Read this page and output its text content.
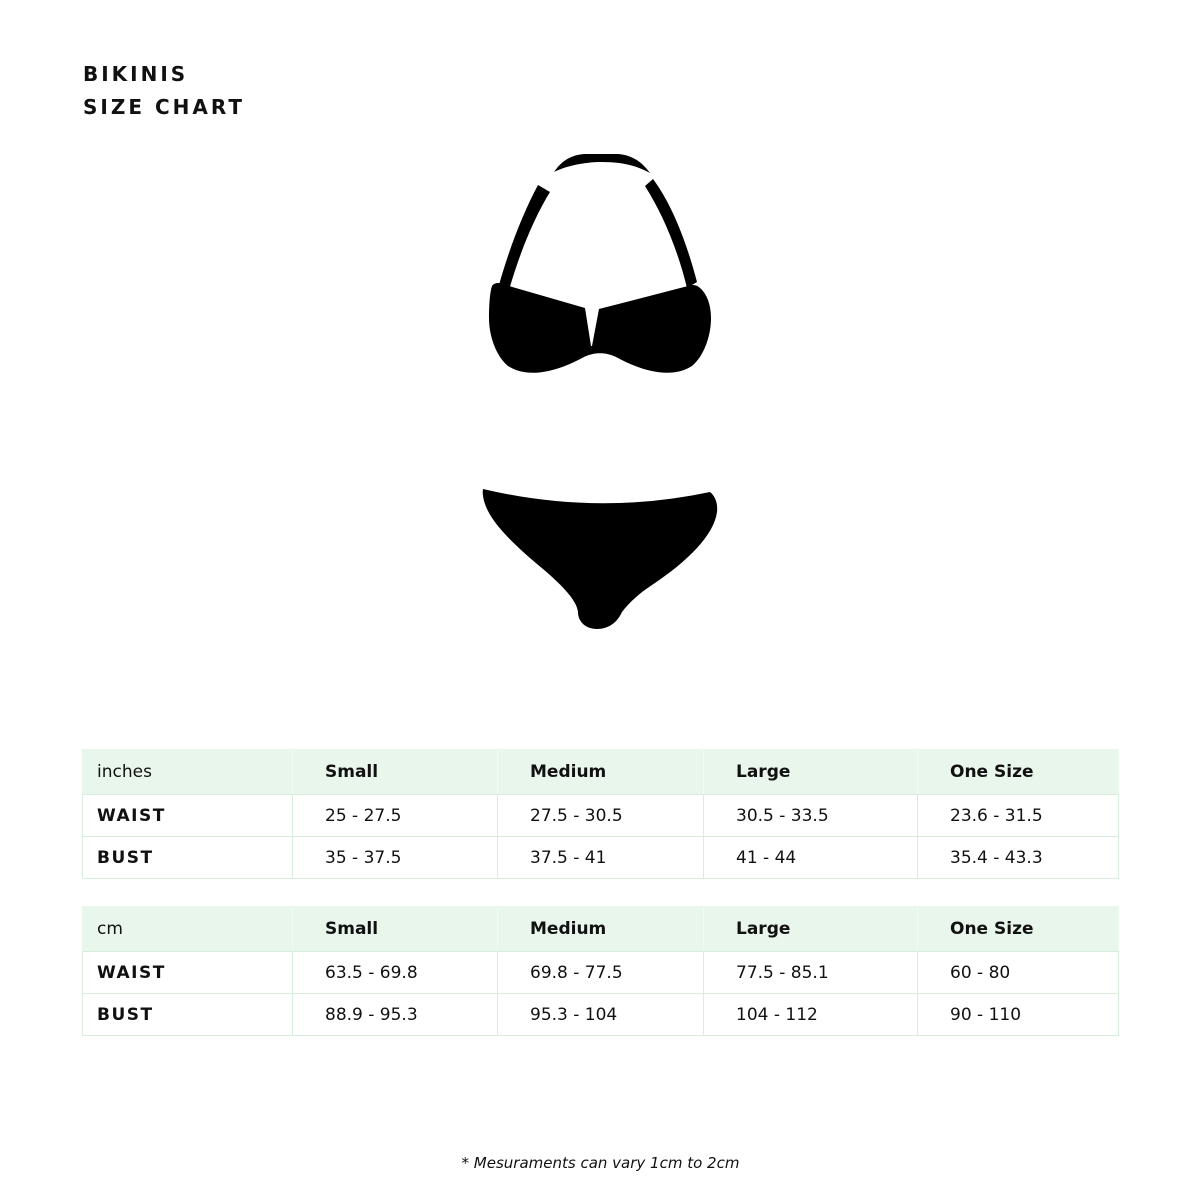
BIKINIS
SIZE CHART
inches	Small	Medium	Large	One Size
WAIST	25 - 27.5	27.5 - 30.5	30.5 - 33.5	23.6 - 31.5
BUST	35 - 37.5	37.5 - 41	41 - 44	35.4 - 43.3
cm	Small	Medium	Large	One Size
WAIST	63.5 - 69.8	69.8 - 77.5	77.5 - 85.1	60 - 80
BUST	88.9 - 95.3	95.3 - 104	104 - 112	90 - 110
* Mesuraments can vary 1cm to 2cm
